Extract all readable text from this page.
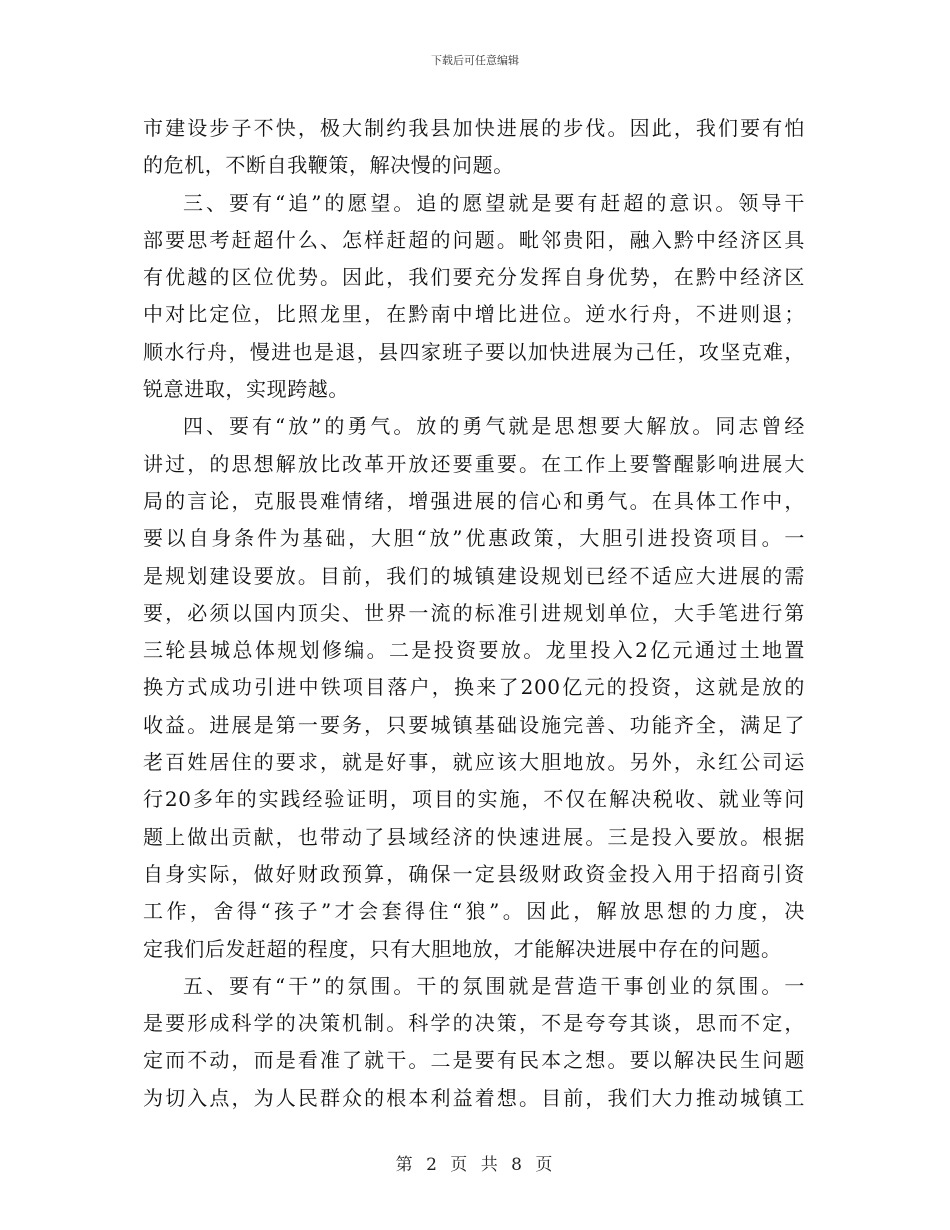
下载后可任意编辑
市建设步子不快，极大制约我县加快进展的步伐。因此，我们要有怕
的危机，不断自我鞭策，解决慢的问题。
三、要有“追”的愿望。追的愿望就是要有赶超的意识。领导干
部要思考赶超什么、怎样赶超的问题。毗邻贵阳，融入黔中经济区具
有优越的区位优势。因此，我们要充分发挥自身优势，在黔中经济区
中对比定位，比照龙里，在黔南中增比进位。逆水行舟，不进则退；
顺水行舟，慢进也是退，县四家班子要以加快进展为己任，攻坚克难，
锐意进取，实现跨越。
四、要有“放”的勇气。放的勇气就是思想要大解放。同志曾经
讲过，的思想解放比改革开放还要重要。在工作上要警醒影响进展大
局的言论，克服畏难情绪，增强进展的信心和勇气。在具体工作中，
要以自身条件为基础，大胆“放”优惠政策，大胆引进投资项目。一
是规划建设要放。目前，我们的城镇建设规划已经不适应大进展的需
要，必须以国内顶尖、世界一流的标准引进规划单位，大手笔进行第
三轮县城总体规划修编。二是投资要放。龙里投入2亿元通过土地置
换方式成功引进中铁项目落户，换来了200亿元的投资，这就是放的
收益。进展是第一要务，只要城镇基础设施完善、功能齐全，满足了
老百姓居住的要求，就是好事，就应该大胆地放。另外，永红公司运
行20多年的实践经验证明，项目的实施，不仅在解决税收、就业等问
题上做出贡献，也带动了县域经济的快速进展。三是投入要放。根据
自身实际，做好财政预算，确保一定县级财政资金投入用于招商引资
工作，舍得“孩子”才会套得住“狼”。因此，解放思想的力度，决
定我们后发赶超的程度，只有大胆地放，才能解决进展中存在的问题。
五、要有“干”的氛围。干的氛围就是营造干事创业的氛围。一
是要形成科学的决策机制。科学的决策，不是夸夸其谈，思而不定，
定而不动，而是看准了就干。二是要有民本之想。要以解决民生问题
为切入点，为人民群众的根本利益着想。目前，我们大力推动城镇工
第 2 页 共 8 页
